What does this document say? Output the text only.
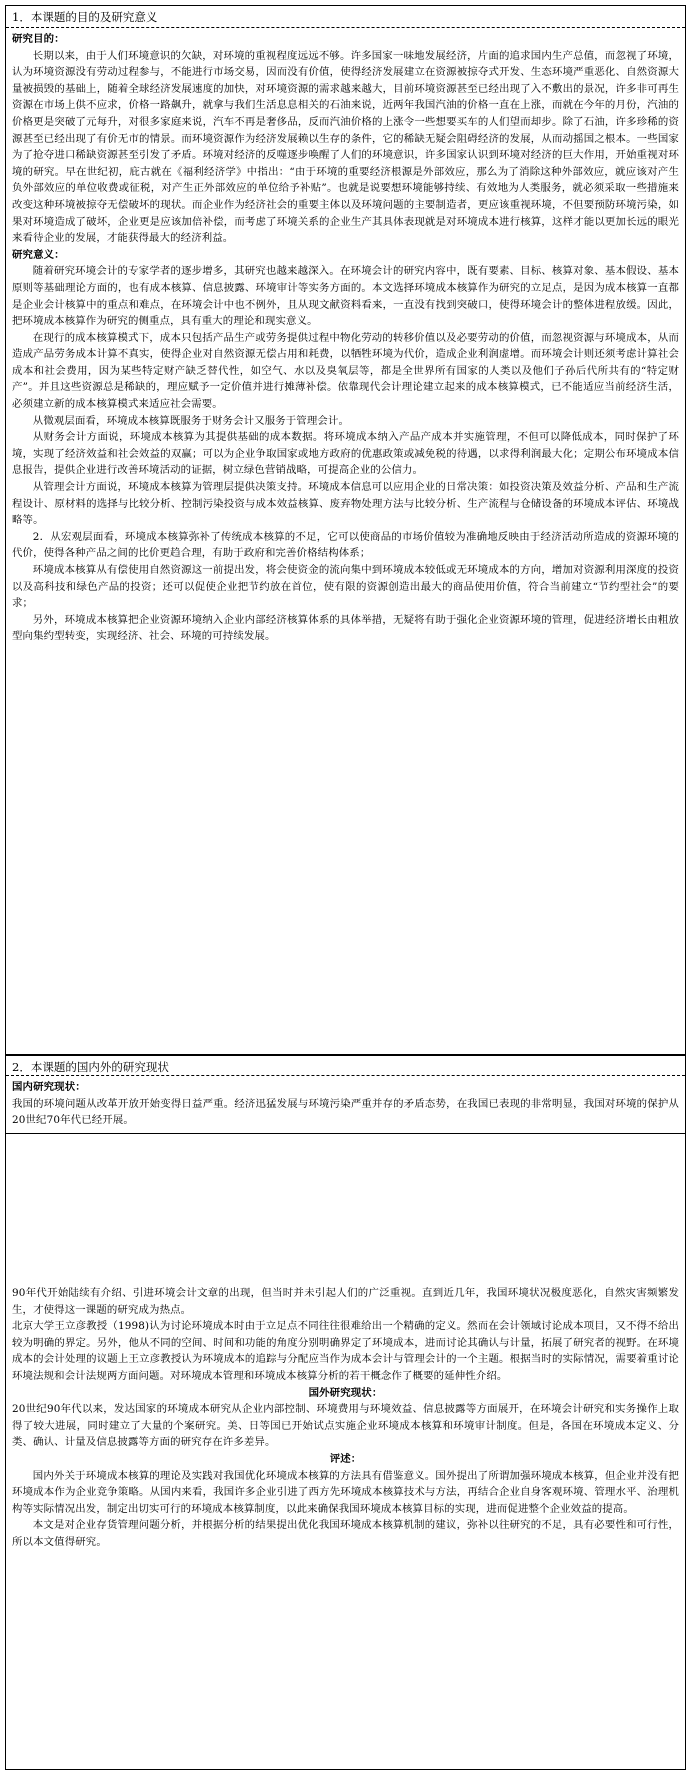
1．本课题的目的及研究意义

研究目的：

长期以来，由于人们环境意识的欠缺，对环境的重视程度远远不够。许多国家一味地发展经济，片面的追求国内生产总值，而忽视了环境，认为环境资源没有劳动过程参与，不能进行市场交易，因而没有价值，使得经济发展建立在资源被掠夺式开发、生态环境严重恶化、自然资源大量被损毁的基础上，随着全球经济发展速度的加快，对环境资源的需求越来越大，目前环境资源甚至已经出现了入不敷出的景况，许多非可再生资源在市场上供不应求，价格一路飙升，就拿与我们生活息息相关的石油来说，近两年我国汽油的价格一直在上涨，而就在今年的月份，汽油的价格更是突破了元每升，对很多家庭来说，汽车不再是奢侈品，反而汽油价格的上涨令一些想要买车的人们望而却步。除了石油，许多珍稀的资源甚至已经出现了有价无市的情景。而环境资源作为经济发展赖以生存的条件，它的稀缺无疑会阻碍经济的发展，从而动摇国之根本。一些国家为了抢夺进口稀缺资源甚至引发了矛盾。环境对经济的反噬逐步唤醒了人们的环境意识，许多国家认识到环境对经济的巨大作用，开始重视对环境的研究。早在世纪初，庇古就在《福利经济学》中指出：“由于环境的重要经济根源是外部效应，那么为了消除这种外部效应，就应该对产生负外部效应的单位收费或征税，对产生正外部效应的单位给予补贴”。也就是说要想环境能够持续、有效地为人类服务，就必须采取一些措施来改变这种环境被掠夺无偿破坏的现状。而企业作为经济社会的重要主体以及环境问题的主要制造者，更应该重视环境，不但要预防环境污染，如果对环境造成了破坏，企业更是应该加倍补偿，而考虑了环境关系的企业生产其具体表现就是对环境成本进行核算，这样才能以更加长远的眼光来看待企业的发展，才能获得最大的经济利益。

研究意义：

随着研究环境会计的专家学者的逐步增多，其研究也越来越深入。在环境会计的研究内容中，既有要素、目标、核算对象、基本假设、基本原则等基础理论方面的，也有成本核算、信息披露、环境审计等实务方面的。本文选择环境成本核算作为研究的立足点，是因为成本核算一直都是企业会计核算中的重点和难点，在环境会计中也不例外，且从现文献资料看来，一直没有找到突破口，使得环境会计的整体进程放缓。因此，把环境成本核算作为研究的侧重点，具有重大的理论和现实意义。

在现行的成本核算模式下，成本只包括产品生产或劳务提供过程中物化劳动的转移价值以及必要劳动的价值，而忽视资源与环境成本，从而造成产品劳务成本计算不真实，使得企业对自然资源无偿占用和耗费，以牺牲环境为代价，造成企业利润虚增。而环境会计则还须考虑计算社会成本和社会费用，因为某些特定财产缺乏替代性，如空气、水以及臭氧层等，都是全世界所有国家的人类以及他们子孙后代所共有的“特定财产”。并且这些资源总是稀缺的，理应赋予一定价值并进行摊薄补偿。依靠现代会计理论建立起来的成本核算模式，已不能适应当前经济生活，必须建立新的成本核算模式来适应社会需要。

从微观层面看，环境成本核算既服务于财务会计又服务于管理会计。

从财务会计方面说，环境成本核算为其提供基础的成本数据。将环境成本纳入产品产成本并实施管理，不但可以降低成本，同时保护了环境，实现了经济效益和社会效益的双赢；可以为企业争取国家或地方政府的优惠政策或减免税的待遇，以求得利润最大化；定期公布环境成本信息报告，提供企业进行改善环境活动的证据，树立绿色营销战略，可提高企业的公信力。

从管理会计方面说，环境成本核算为管理层提供决策支持。环境成本信息可以应用企业的日常决策：如投资决策及效益分析、产品和生产流程设计、原材料的选择与比较分析、控制污染投资与成本效益核算、废弃物处理方法与比较分析、生产流程与仓储设备的环境成本评估、环境战略等。

2．从宏观层面看，环境成本核算弥补了传统成本核算的不足，它可以使商品的市场价值较为准确地反映由于经济活动所造成的资源环境的代价，使得各种产品之间的比价更趋合理，有助于政府和完善价格结构体系；

环境成本核算从有偿使用自然资源这一前提出发，将会使资金的流向集中到环境成本较低或无环境成本的方向，增加对资源利用深度的投资以及高科技和绿色产品的投资；还可以促使企业把节约放在首位，使有限的资源创造出最大的商品使用价值，符合当前建立“节约型社会”的要求；

另外，环境成本核算把企业资源环境纳入企业内部经济核算体系的具体举措，无疑将有助于强化企业资源环境的管理，促进经济增长由粗放型向集约型转变，实现经济、社会、环境的可持续发展。

2．本课题的国内外的研究现状

国内研究现状：

我国的环境问题从改革开放开始变得日益严重。经济迅猛发展与环境污染严重并存的矛盾态势，在我国已表现的非常明显，我国对环境的保护从20世纪70年代已经开展。

90年代开始陆续有介绍、引进环境会计文章的出现，但当时并未引起人们的广泛重视。直到近几年，我国环境状况极度恶化，自然灾害频繁发生，才使得这一课题的研究成为热点。

北京大学王立彦教授（1998)认为讨论环境成本时由于立足点不同往往很难给出一个精确的定义。然而在会计领域讨论成本项目，又不得不给出较为明确的界定。另外，他从不同的空间、时间和功能的角度分别明确界定了环境成本，进而讨论其确认与计量，拓展了研究者的视野。在环境成本的会计处理的议题上王立彦教授认为环境成本的追踪与分配应当作为成本会计与管理会计的一个主题。根据当时的实际情况，需要着重讨论环境法规和会计法规两方面问题。对环境成本管理和环境成本核算分析的若干概念作了概要的延伸性介绍。

国外研究现状：

20世纪90年代以来，发达国家的环境成本研究从企业内部控制、环境费用与环境效益、信息披露等方面展开，在环境会计研究和实务操作上取得了较大进展，同时建立了大量的个案研究。美、日等国已开始试点实施企业环境成本核算和环境审计制度。但是，各国在环境成本定义、分类、确认、计量及信息披露等方面的研究存在许多差异。

评述：

国内外关于环境成本核算的理论及实践对我国优化环境成本核算的方法具有借鉴意义。国外提出了所谓加强环境成本核算，但企业并没有把环境成本作为企业竞争策略。从国内来看，我国许多企业引进了西方先环境成本核算技术与方法，再结合企业自身客观环境、管理水平、治理机构等实际情况出发，制定出切实可行的环境成本核算制度，以此来确保我国环境成本核算目标的实现，进而促进整个企业效益的提高。

本文是对企业存货管理问题分析，并根据分析的结果提出优化我国环境成本核算机制的建议，弥补以往研究的不足，具有必要性和可行性，所以本文值得研究。
